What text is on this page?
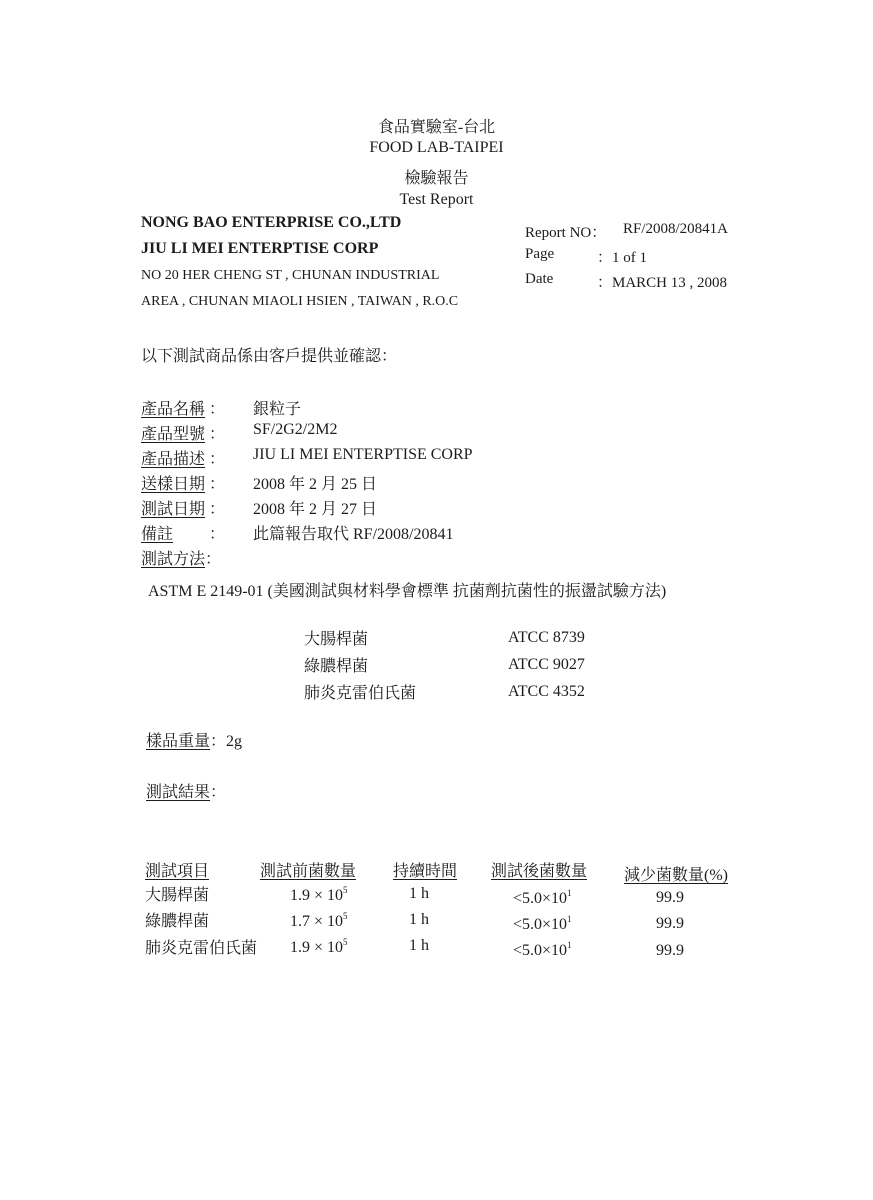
食品實驗室-台北
FOOD LAB-TAIPEI
檢驗報告
Test Report
NONG BAO ENTERPRISE CO.,LTD
JIU LI MEI ENTERPTISE CORP
NO 20 HER CHENG ST , CHUNAN INDUSTRIAL
AREA , CHUNAN MIAOLI HSIEN , TAIWAN , R.O.C
Report NO： RF/2008/20841A
Page	：1 of 1
Date	：MARCH 13 , 2008
以下測試商品係由客戶提供並確認：
產品名稱 ： 銀粒子
產品型號 ： SF/2G2/2M2
產品描述 ： JIU LI MEI ENTERPTISE CORP
送樣日期 ： 2008 年 2 月 25 日
測試日期 ： 2008 年 2 月 27 日
備註 ： 此篇報告取代 RF/2008/20841
測試方法 ：
ASTM E 2149-01 (美國測試與材料學會標準 抗菌劑抗菌性的振盪試驗方法)
大腸桿菌	ATCC 8739
綠膿桿菌	ATCC 9027
肺炎克雷伯氏菌	ATCC 4352
樣品重量：2g
測試結果：
測試項目	測試前菌數量 持續時間 測試後菌數量 減少菌數量(%)
大腸桿菌	$1.9 \times 10^5$	1 h	$<5.0\times 10^1$	99.9
綠膿桿菌	$1.7 \times 10^5$	1 h	$<5.0\times 10^1$	99.9
肺炎克雷伯氏菌 $1.9 \times 10^5$	1 h	$<5.0\times 10^1$	99.9
